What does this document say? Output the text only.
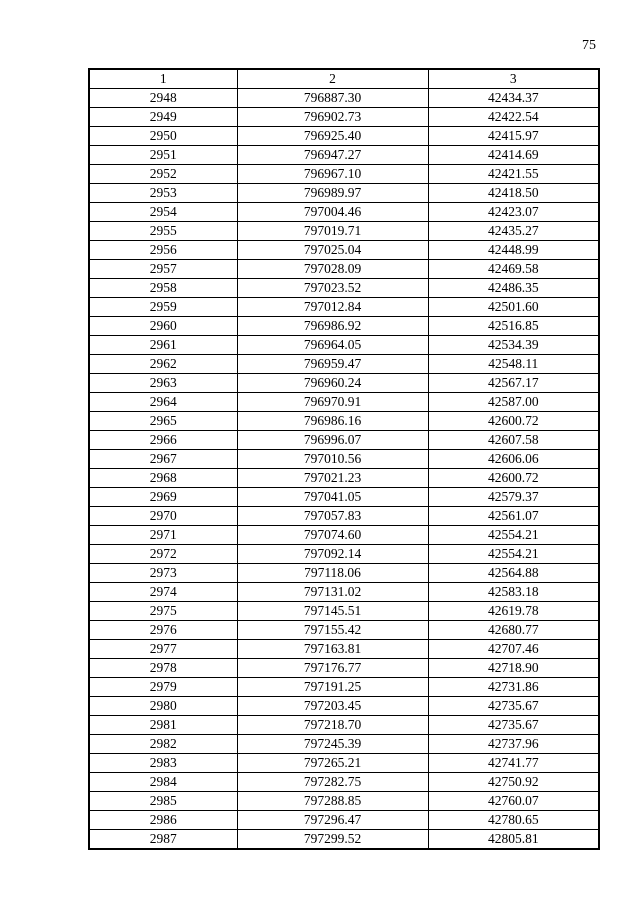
75
1	2	3
2948	796887.30	42434.37
2949	796902.73	42422.54
2950	796925.40	42415.97
2951	796947.27	42414.69
2952	796967.10	42421.55
2953	796989.97	42418.50
2954	797004.46	42423.07
2955	797019.71	42435.27
2956	797025.04	42448.99
2957	797028.09	42469.58
2958	797023.52	42486.35
2959	797012.84	42501.60
2960	796986.92	42516.85
2961	796964.05	42534.39
2962	796959.47	42548.11
2963	796960.24	42567.17
2964	796970.91	42587.00
2965	796986.16	42600.72
2966	796996.07	42607.58
2967	797010.56	42606.06
2968	797021.23	42600.72
2969	797041.05	42579.37
2970	797057.83	42561.07
2971	797074.60	42554.21
2972	797092.14	42554.21
2973	797118.06	42564.88
2974	797131.02	42583.18
2975	797145.51	42619.78
2976	797155.42	42680.77
2977	797163.81	42707.46
2978	797176.77	42718.90
2979	797191.25	42731.86
2980	797203.45	42735.67
2981	797218.70	42735.67
2982	797245.39	42737.96
2983	797265.21	42741.77
2984	797282.75	42750.92
2985	797288.85	42760.07
2986	797296.47	42780.65
2987	797299.52	42805.81
